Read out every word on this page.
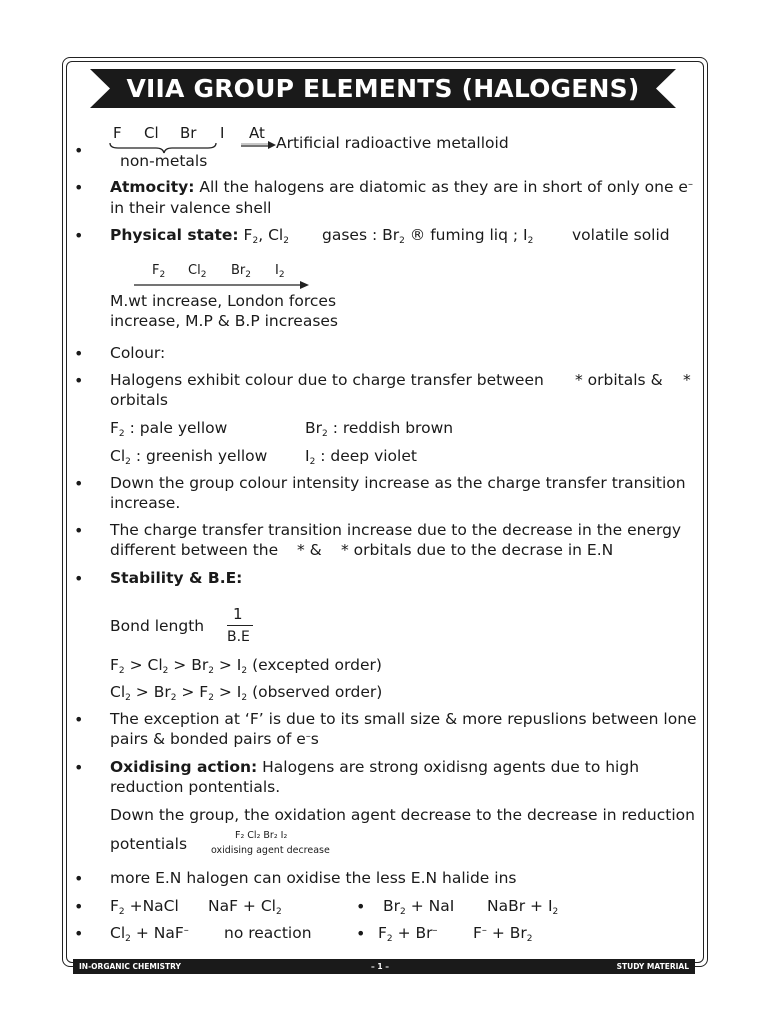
VIIA GROUP ELEMENTS (HALOGENS)
•
F Cl Br I At
Artificial radioactive metalloid
non-metals
• Atmocity: All the halogens are diatomic as they are in short of only one e–
in their valence shell
• Physical state: $F_2$, $Cl_2$ gases : $Br_2$ ® fuming liq ; $I_2$ volatile solid
$F_2$ $Cl_2$ $Br_2$ $I_2$
M.wt increase, London forces
increase, M.P & B.P increases
• Colour:
• Halogens exhibit colour due to charge transfer between * orbitals & *
orbitals
$F_2$ : pale yellow	$Br_2$ : reddish brown
$Cl_2$ : greenish yellow $I_2$ : deep violet
• Down the group colour intensity increase as the charge transfer transition
increase.
• The charge transfer transition increase due to the decrease in the energy
different between the * & * orbitals due to the decrase in E.N
• Stability & B.E:
Bond length
1
B.E
$F_2 > Cl_2 > Br_2 > I_2$ (excepted order)
$Cl_2 > Br_2 > F_2 > I_2$ (observed order)
• The exception at ‘F’ is due to its small size & more repuslions between lone
pairs & bonded pairs of e–s
• Oxidising action: Halogens are strong oxidisng agents due to high
reduction pontentials.
Down the group, the oxidation agent decrease to the decrease in reduction
potentials	F₂ Cl₂ Br₂ I₂
oxidising agent decrease
• more E.N halogen can oxidise the less E.N halide ins
• $F_2$ +NaCl NaF + $Cl_2$	• $Br_2$ + NaI NaBr + $I_2$
• $Cl_2 + NaF^-$ no reaction	• $F_2 + Br^-$ $F^- + Br_2$
IN-ORGANIC CHEMISTRY	– 1 –	STUDY MATERIAL
